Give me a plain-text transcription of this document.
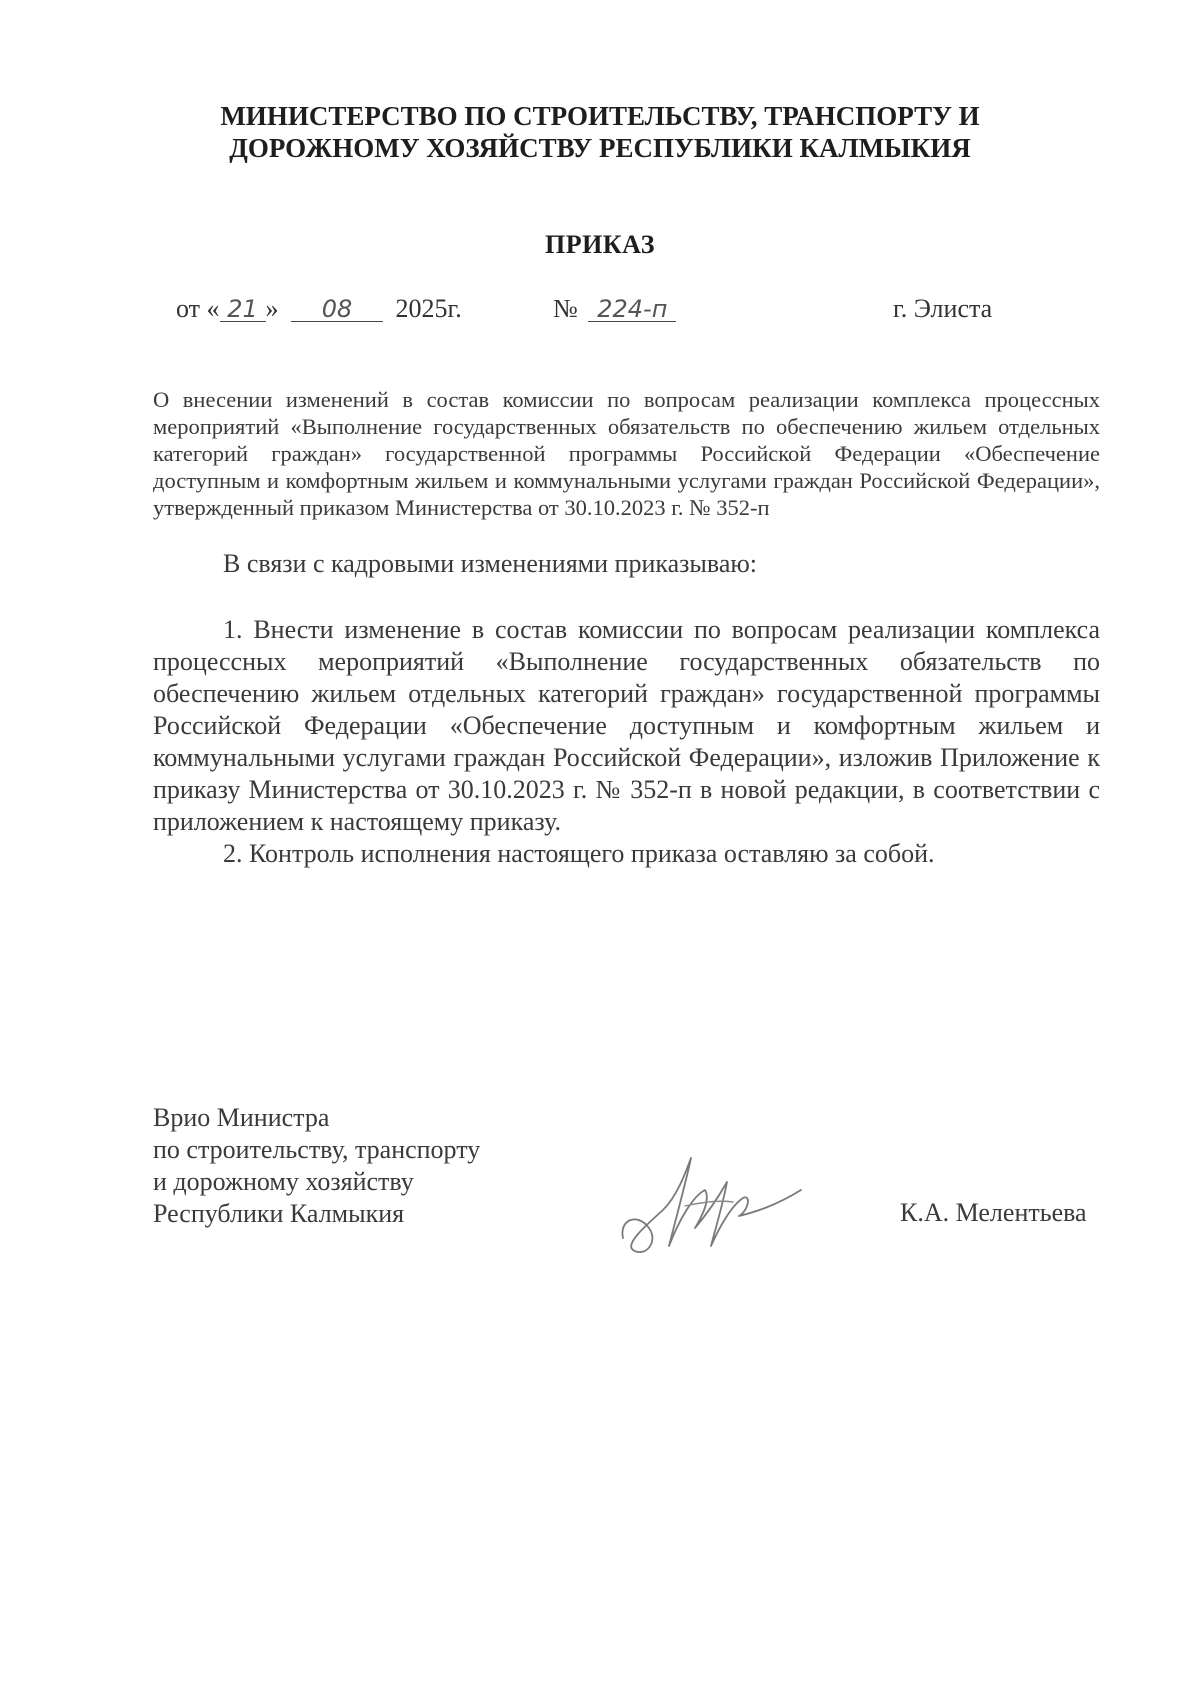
МИНИСТЕРСТВО ПО СТРОИТЕЛЬСТВУ, ТРАНСПОРТУ И
ДОРОЖНОМУ ХОЗЯЙСТВУ РЕСПУБЛИКИ КАЛМЫКИЯ
ПРИКАЗ
от « 21 » 08 2025г.	№ 224-п	г. Элиста

О внесении изменений в состав комиссии по вопросам реализации комплекса процессных мероприятий «Выполнение государственных обязательств по обеспечению жильем отдельных категорий граждан» государственной программы Российской Федерации «Обеспечение доступным и комфортным жильем и коммунальными услугами граждан Российской Федерации», утвержденный приказом Министерства от 30.10.2023 г. № 352-п

В связи с кадровыми изменениями приказываю:

1. Внести изменение в состав комиссии по вопросам реализации комплекса процессных мероприятий «Выполнение государственных обязательств по обеспечению жильем отдельных категорий граждан» государственной программы Российской Федерации «Обеспечение доступным и комфортным жильем и коммунальными услугами граждан Российской Федерации», изложив Приложение к приказу Министерства от 30.10.2023 г. № 352-п в новой редакции, в соответствии с приложением к настоящему приказу.

2. Контроль исполнения настоящего приказа оставляю за собой.

Врио Министра
по строительству, транспорту
и дорожному хозяйству
Республики Калмыкия	К.А. Мелентьева
